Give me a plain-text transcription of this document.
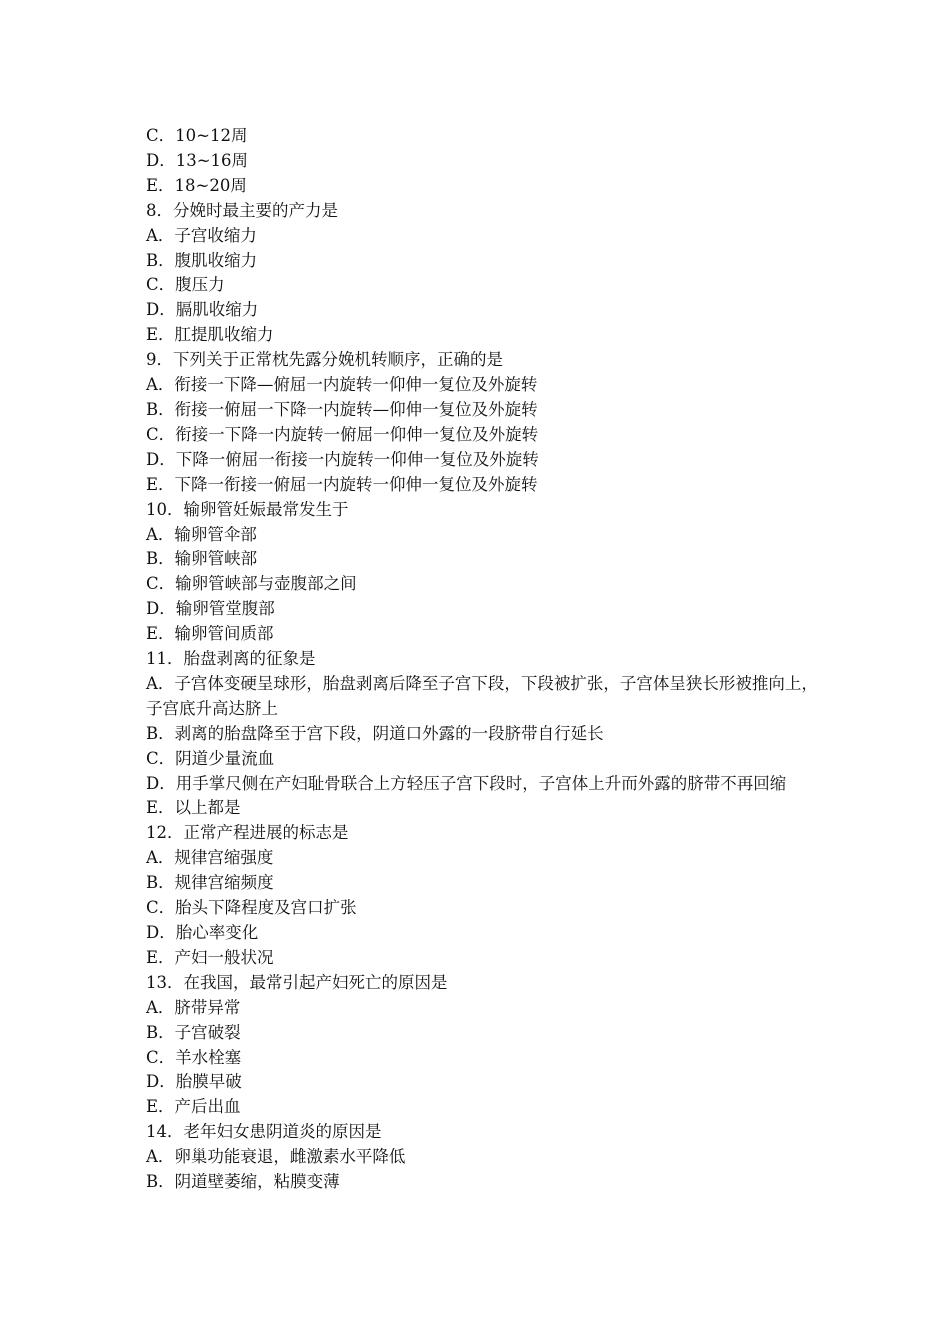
C．10~12周

D．13~16周

E．18~20周

8．分娩时最主要的产力是

A．子宫收缩力

B．腹肌收缩力

C．腹压力

D．膈肌收缩力

E．肛提肌收缩力

9．下列关于正常枕先露分娩机转顺序，正确的是

A．衔接一下降—俯屈一内旋转一仰伸一复位及外旋转

B．衔接一俯屈一下降一内旋转—仰伸一复位及外旋转

C．衔接一下降一内旋转一俯屈一仰伸一复位及外旋转

D．下降一俯屈一衔接一内旋转一仰伸一复位及外旋转

E．下降一衔接一俯屈一内旋转一仰伸一复位及外旋转

10．输卵管妊娠最常发生于

A．输卵管伞部

B．输卵管峡部

C．输卵管峡部与壶腹部之间

D．输卵管堂腹部

E．输卵管间质部

11．胎盘剥离的征象是

A．子宫体变硬呈球形，胎盘剥离后降至子宫下段，下段被扩张，子宫体呈狭长形被推向上，子宫底升高达脐上

B．剥离的胎盘降至于宫下段，阴道口外露的一段脐带自行延长

C．阴道少量流血

D．用手掌尺侧在产妇耻骨联合上方轻压子宫下段时，子宫体上升而外露的脐带不再回缩

E．以上都是

12．正常产程进展的标志是

A．规律宫缩强度

B．规律宫缩频度

C．胎头下降程度及宫口扩张

D．胎心率变化

E．产妇一般状况

13．在我国，最常引起产妇死亡的原因是

A．脐带异常

B．子宫破裂

C．羊水栓塞

D．胎膜早破

E．产后出血

14．老年妇女患阴道炎的原因是

A．卵巢功能衰退，雌激素水平降低

B．阴道壁萎缩，粘膜变薄
